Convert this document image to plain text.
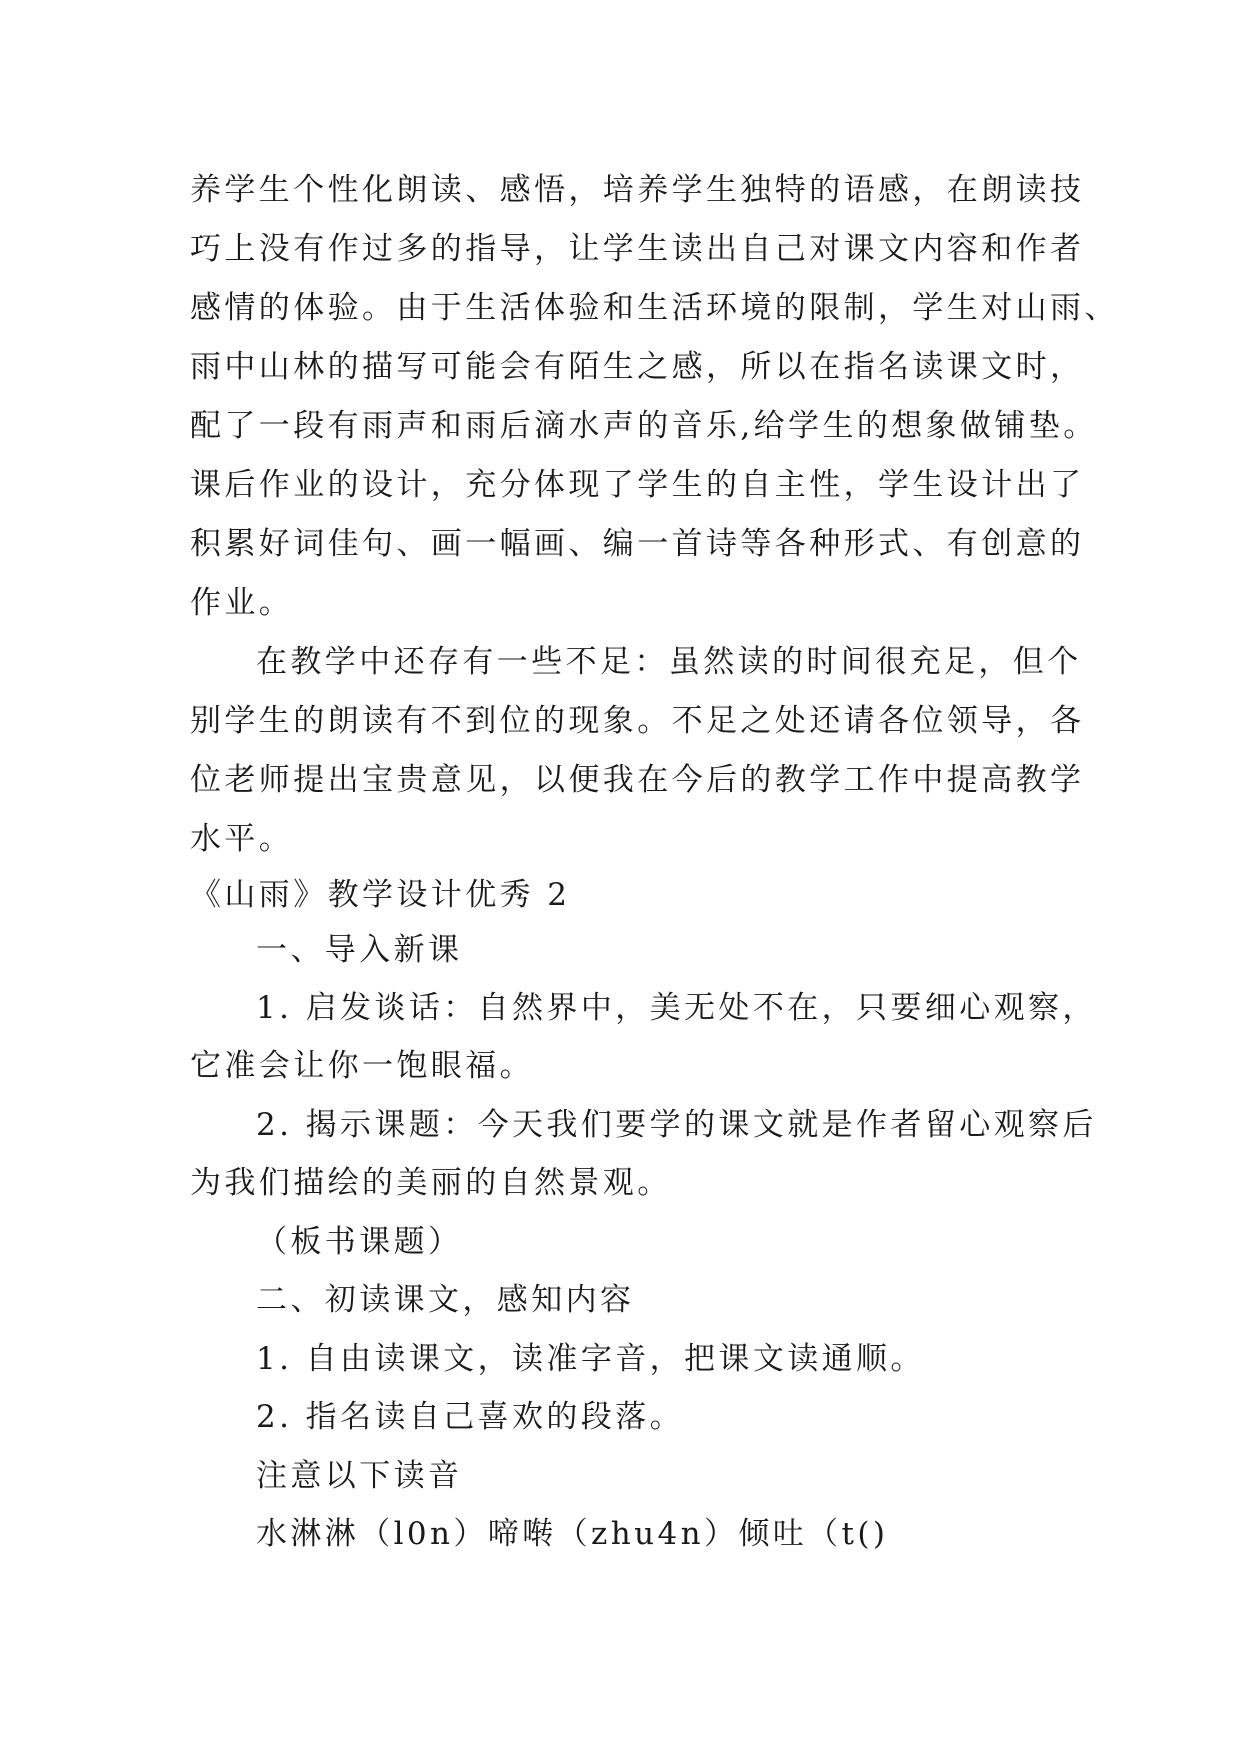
养学生个性化朗读、感悟，培养学生独特的语感，在朗读技
巧上没有作过多的指导，让学生读出自己对课文内容和作者
感情的体验。由于生活体验和生活环境的限制，学生对山雨、
雨中山林的描写可能会有陌生之感，所以在指名读课文时，
配了一段有雨声和雨后滴水声的音乐,给学生的想象做铺垫。
课后作业的设计，充分体现了学生的自主性，学生设计出了
积累好词佳句、画一幅画、编一首诗等各种形式、有创意的
作业。
在教学中还存有一些不足：虽然读的时间很充足，但个
别学生的朗读有不到位的现象。不足之处还请各位领导，各
位老师提出宝贵意见，以便我在今后的教学工作中提高教学
水平。
《山雨》教学设计优秀 2
一、导入新课
1. 启发谈话：自然界中，美无处不在，只要细心观察，
它准会让你一饱眼福。
2. 揭示课题：今天我们要学的课文就是作者留心观察后
为我们描绘的美丽的自然景观。
（板书课题）
二、初读课文，感知内容
1. 自由读课文，读准字音，把课文读通顺。
2. 指名读自己喜欢的段落。
注意以下读音
水淋淋（l0n）啼啭（zhu4n）倾吐（t()
